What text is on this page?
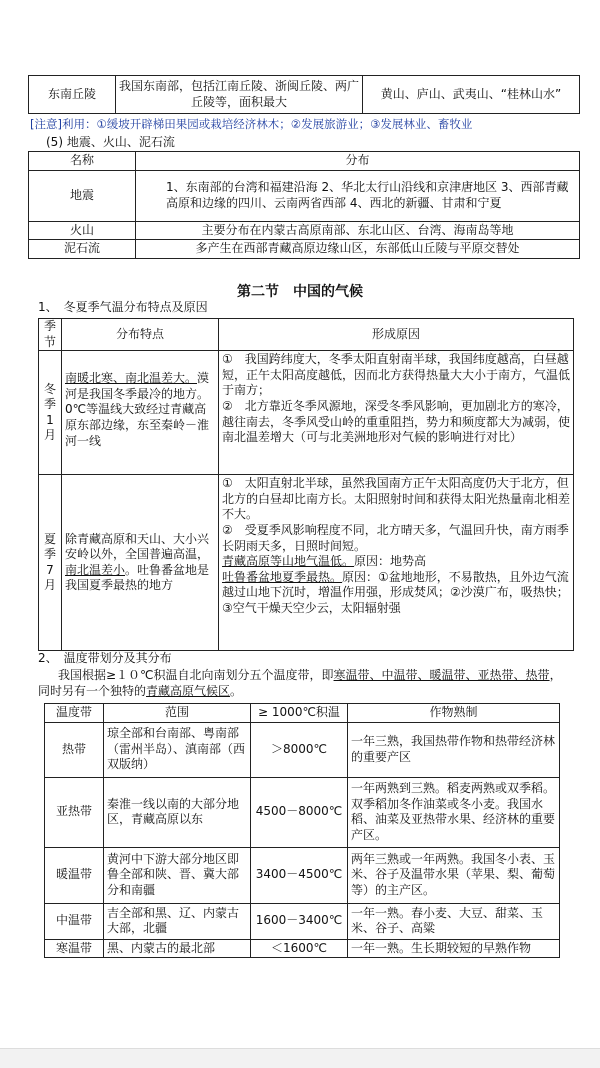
东南丘陵	我国东南部，包括江南丘陵、浙闽丘陵、两广丘陵等，面积最大	黄山、庐山、武夷山、“桂林山水”
[注意]利用：①缓坡开辟梯田果园或栽培经济林木；②发展旅游业；③发展林业、畜牧业
(5) 地震、火山、泥石流
名称	分布
地震	1、东南部的台湾和福建沿海 2、华北太行山沿线和京津唐地区 3、西部青藏高原和边缘的四川、云南两省西部 4、西北的新疆、甘肃和宁夏
火山	主要分布在内蒙古高原南部、东北山区、台湾、海南岛等地
泥石流	多产生在西部青藏高原边缘山区，东部低山丘陵与平原交替处
第二节　中国的气候
1、　冬夏季气温分布特点及原因
季节	分布特点	形成原因
冬季1月	南暖北寒、南北温差大。漠河是我国冬季最冷的地方。0℃等温线大致经过青藏高原东部边缘，东至秦岭－淮河一线	①　我国跨纬度大，冬季太阳直射南半球，我国纬度越高，白昼越短，正午太阳高度越低，因而北方获得热量大大小于南方，气温低于南方；
②　北方靠近冬季风源地，深受冬季风影响，更加剧北方的寒冷，越往南去，冬季风受山岭的重重阻挡，势力和频度都大为减弱，使南北温差增大（可与北美洲地形对气候的影响进行对比）

夏季7月	除青藏高原和天山、大小兴安岭以外，全国普遍高温，南北温差小。吐鲁番盆地是我国夏季最热的地方	①　太阳直射北半球，虽然我国南方正午太阳高度仍大于北方，但北方的白昼却比南方长。太阳照射时间和获得太阳光热量南北相差不大。
②　受夏季风影响程度不同，北方晴天多，气温回升快，南方雨季长阴雨天多，日照时间短。
青藏高原等山地气温低。原因：地势高
吐鲁番盆地夏季最热。原因：①盆地地形，不易散热，且外边气流越过山地下沉时，增温作用强，形成焚风；②沙漠广布，吸热快；③空气干燥天空少云，太阳辐射强
2、　温度带划分及其分布
我国根据≥１０℃积温自北向南划分五个温度带，即寒温带、中温带、暖温带、亚热带、热带，同时另有一个独特的青藏高原气候区。
温度带	范围	≥ 1000℃积温	作物熟制
热带	琼全部和台南部、粤南部（雷州半岛）、滇南部（西双版纳）	＞8000℃	一年三熟，我国热带作物和热带经济林的重要产区
亚热带	秦淮一线以南的大部分地区，青藏高原以东	4500－8000℃	一年两熟到三熟。稻麦两熟或双季稻。双季稻加冬作油菜或冬小麦。我国水稻、油菜及亚热带水果、经济林的重要产区。
暖温带	黄河中下游大部分地区即鲁全部和陕、晋、冀大部分和南疆	3400－4500℃	两年三熟或一年两熟。我国冬小表、玉米、谷子及温带水果（苹果、梨、葡萄等）的主产区。
中温带	吉全部和黑、辽、内蒙古大部，北疆	1600－3400℃	一年一熟。春小麦、大豆、甜菜、玉米、谷子、高粱
寒温带	黑、内蒙古的最北部	＜1600℃	一年一熟。生长期较短的早熟作物
